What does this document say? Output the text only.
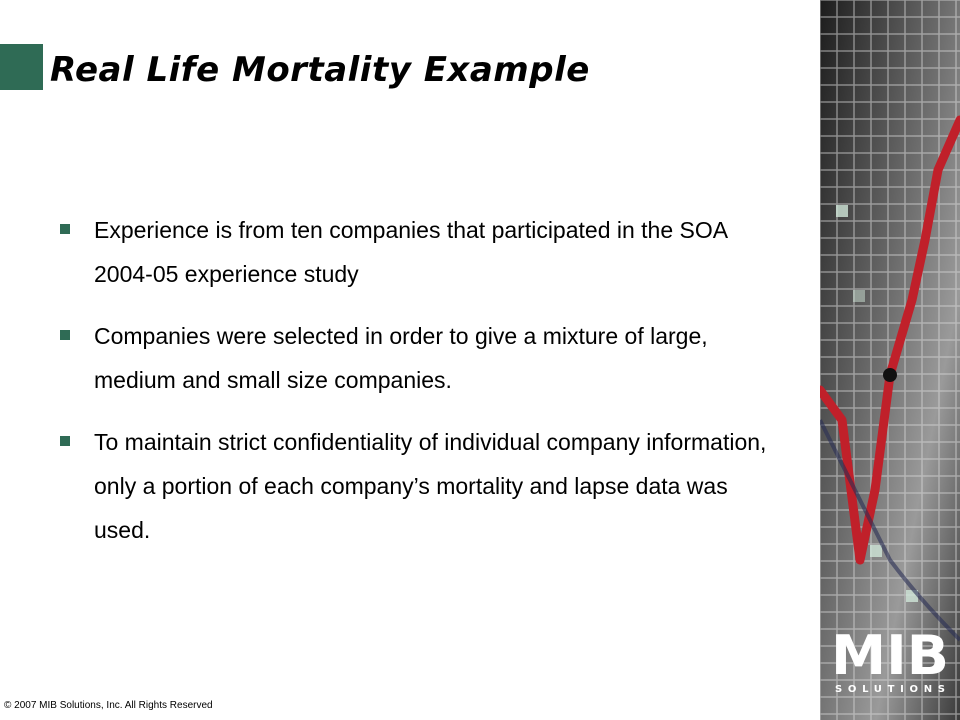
Real Life Mortality Example
Experience is from ten companies that participated in the SOA 2004-05 experience study
Companies were selected in order to give a mixture of large, medium and small size companies.
To maintain strict confidentiality of individual company information, only a portion of each company’s mortality and lapse data was used.
© 2007 MIB Solutions, Inc. All Rights Reserved
MIB
SOLUTIONS
